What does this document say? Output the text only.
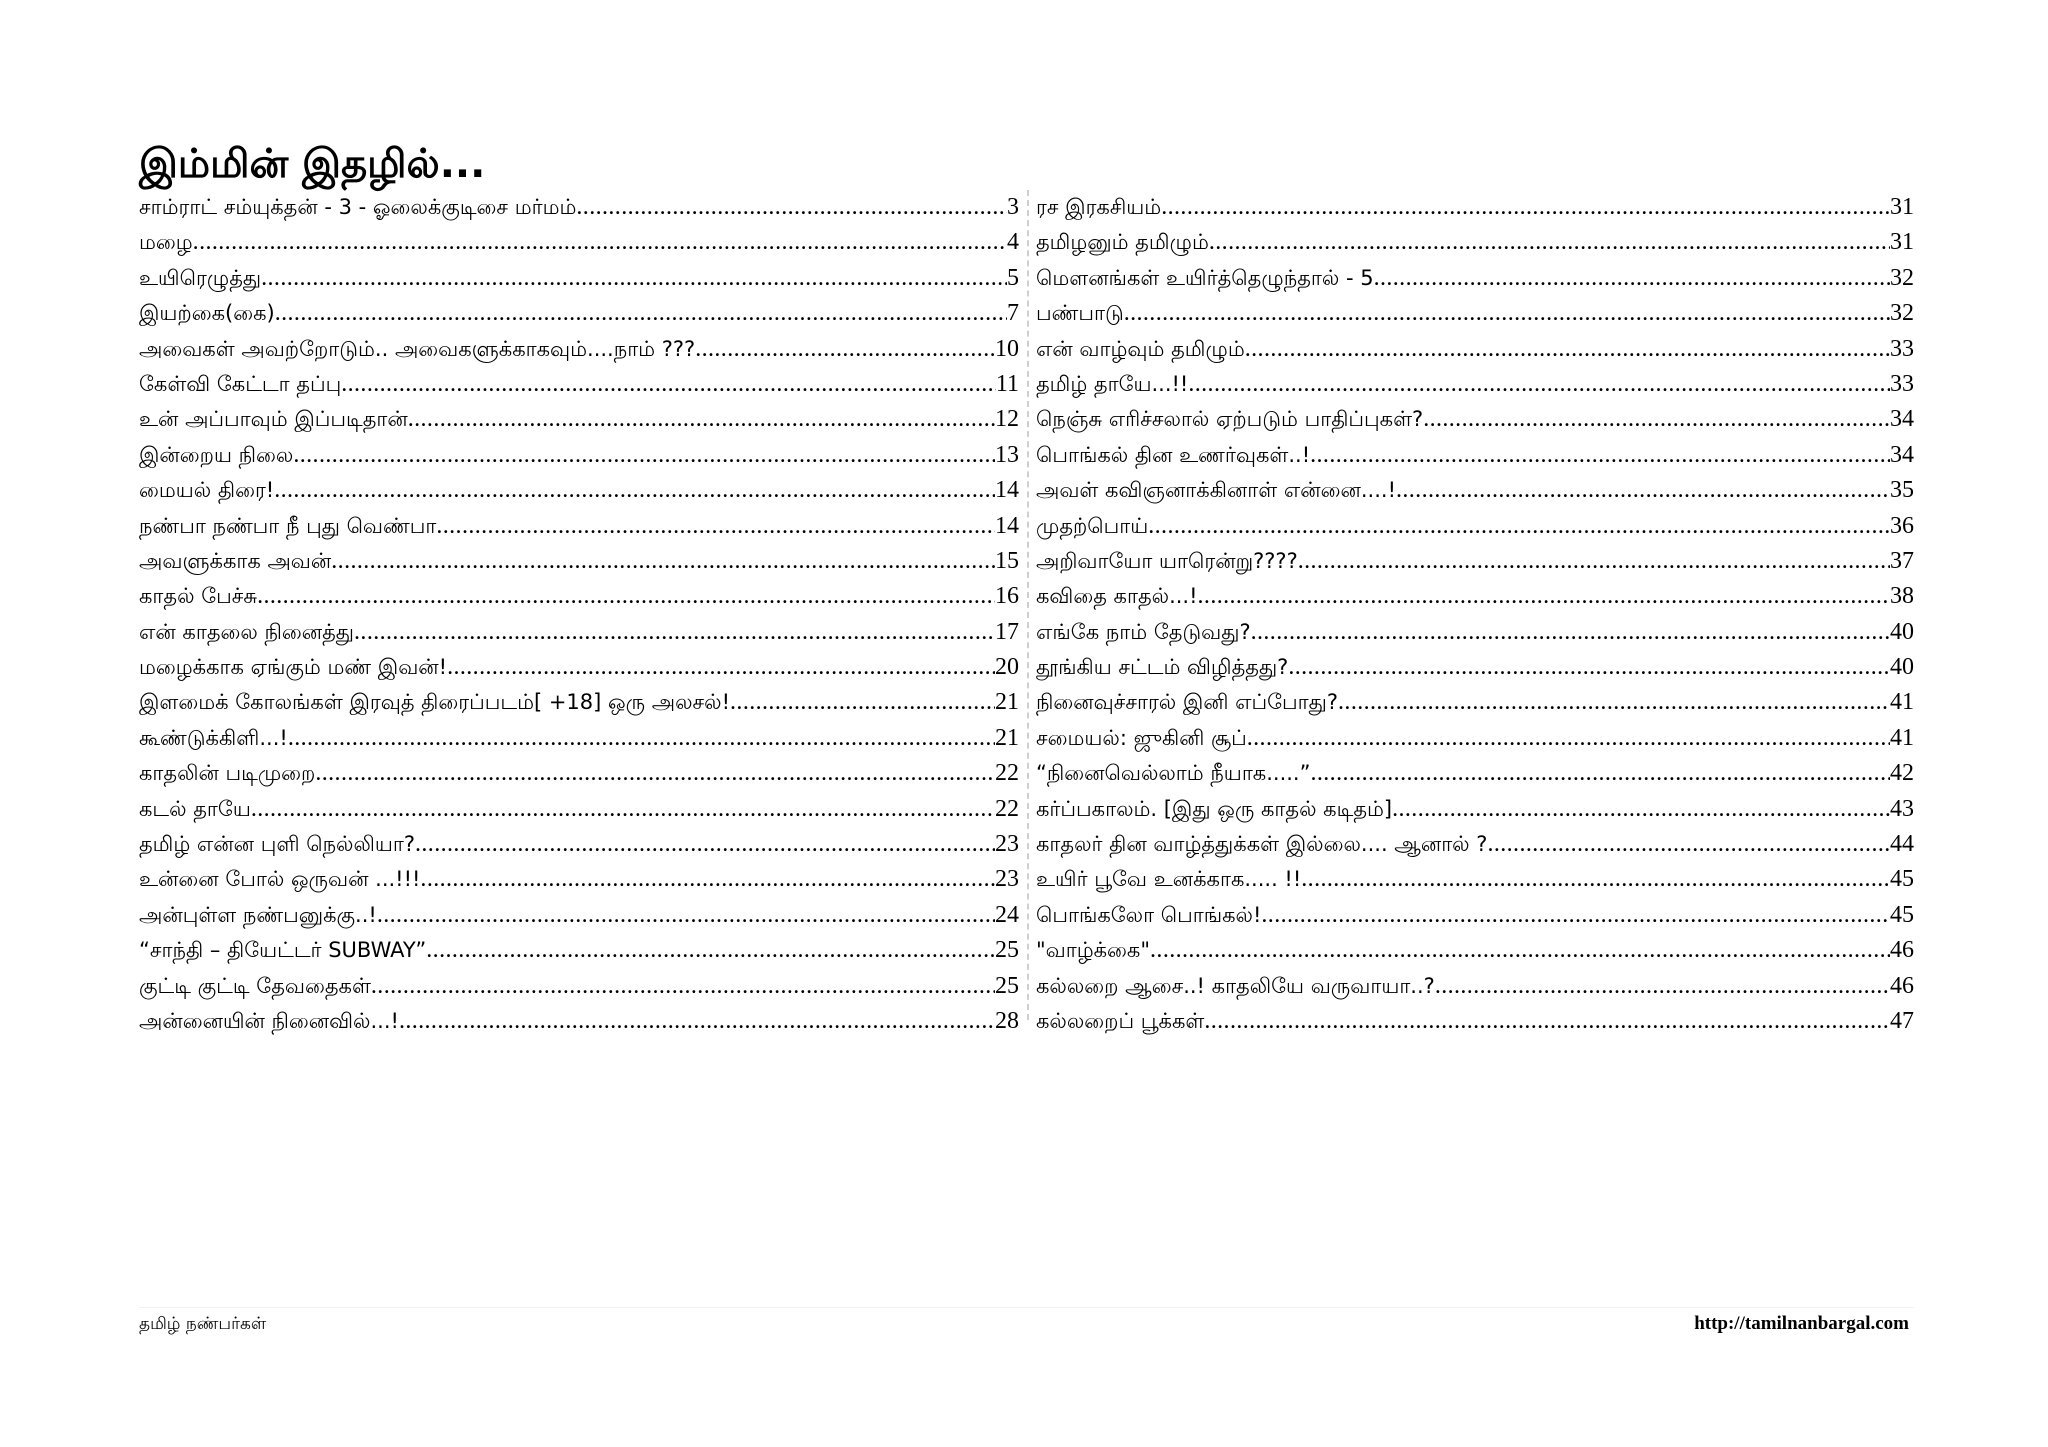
இம்மின் இதழில்...
சாம்ராட் சம்யுக்தன் - 3 - ஓலைக்குடிசை மர்மம் .....	3
மழை .....	4
உயிரெழுத்து .....	5
இயற்கை(கை) .....	7
அவைகள் அவற்றோடும்.. அவைகளுக்காகவும்....நாம் ??? .....	10
கேள்வி கேட்டா தப்பு .....	11
உன் அப்பாவும் இப்படிதான் .....	12
இன்றைய நிலை .....	13
மையல் திரை! .....	14
நண்பா நண்பா நீ புது வெண்பா .....	14
அவளுக்காக அவன் .....	15
காதல் பேச்சு .....	16
என் காதலை நினைத்து .....	17
மழைக்காக ஏங்கும் மண் இவன்! .....	20
இளமைக் கோலங்கள் இரவுத் திரைப்படம்[ +18] ஒரு அலசல்! .....	21
கூண்டுக்கிளி...! .....	21
காதலின் படிமுறை .....	22
கடல் தாயே .....	22
தமிழ் என்ன புளி நெல்லியா? .....	23
உன்னை போல் ஒருவன் ...!!! .....	23
அன்புள்ள நண்பனுக்கு..! .....	24
“சாந்தி – தியேட்டர் SUBWAY” .....	25
குட்டி குட்டி தேவதைகள் .....	25
அன்னையின் நினைவில்...! .....	28
ரச இரகசியம் .....	31
தமிழனும் தமிழும் .....	31
மௌனங்கள் உயிர்த்தெழுந்தால் - 5 .....	32
பண்பாடு .....	32
என் வாழ்வும் தமிழும் .....	33
தமிழ் தாயே...!! .....	33
நெஞ்சு எரிச்சலால் ஏற்படும் பாதிப்புகள்? .....	34
பொங்கல் தின உணர்வுகள்..! .....	34
அவள் கவிஞனாக்கினாள் என்னை....! .....	35
முதற்பொய் .....	36
அறிவாயோ யாரென்று???? .....	37
கவிதை காதல்...! .....	38
எங்கே நாம் தேடுவது? .....	40
தூங்கிய சட்டம் விழித்தது? .....	40
நினைவுச்சாரல் இனி எப்போது? .....	41
சமையல்: ஜுகினி சூப் .....	41
“நினைவெல்லாம் நீயாக.....” .....	42
கர்ப்பகாலம். [இது ஒரு காதல் கடிதம்] .....	43
காதலர் தின வாழ்த்துக்கள் இல்லை.... ஆனால் ? .....	44
உயிர் பூவே உனக்காக..... !! .....	45
பொங்கலோ பொங்கல்! .....	45
"வாழ்க்கை" .....	46
கல்லறை ஆசை..! காதலியே வருவாயா..? .....	46
கல்லறைப் பூக்கள் .....	47
தமிழ் நண்பர்கள்	http://tamilnanbargal.com
